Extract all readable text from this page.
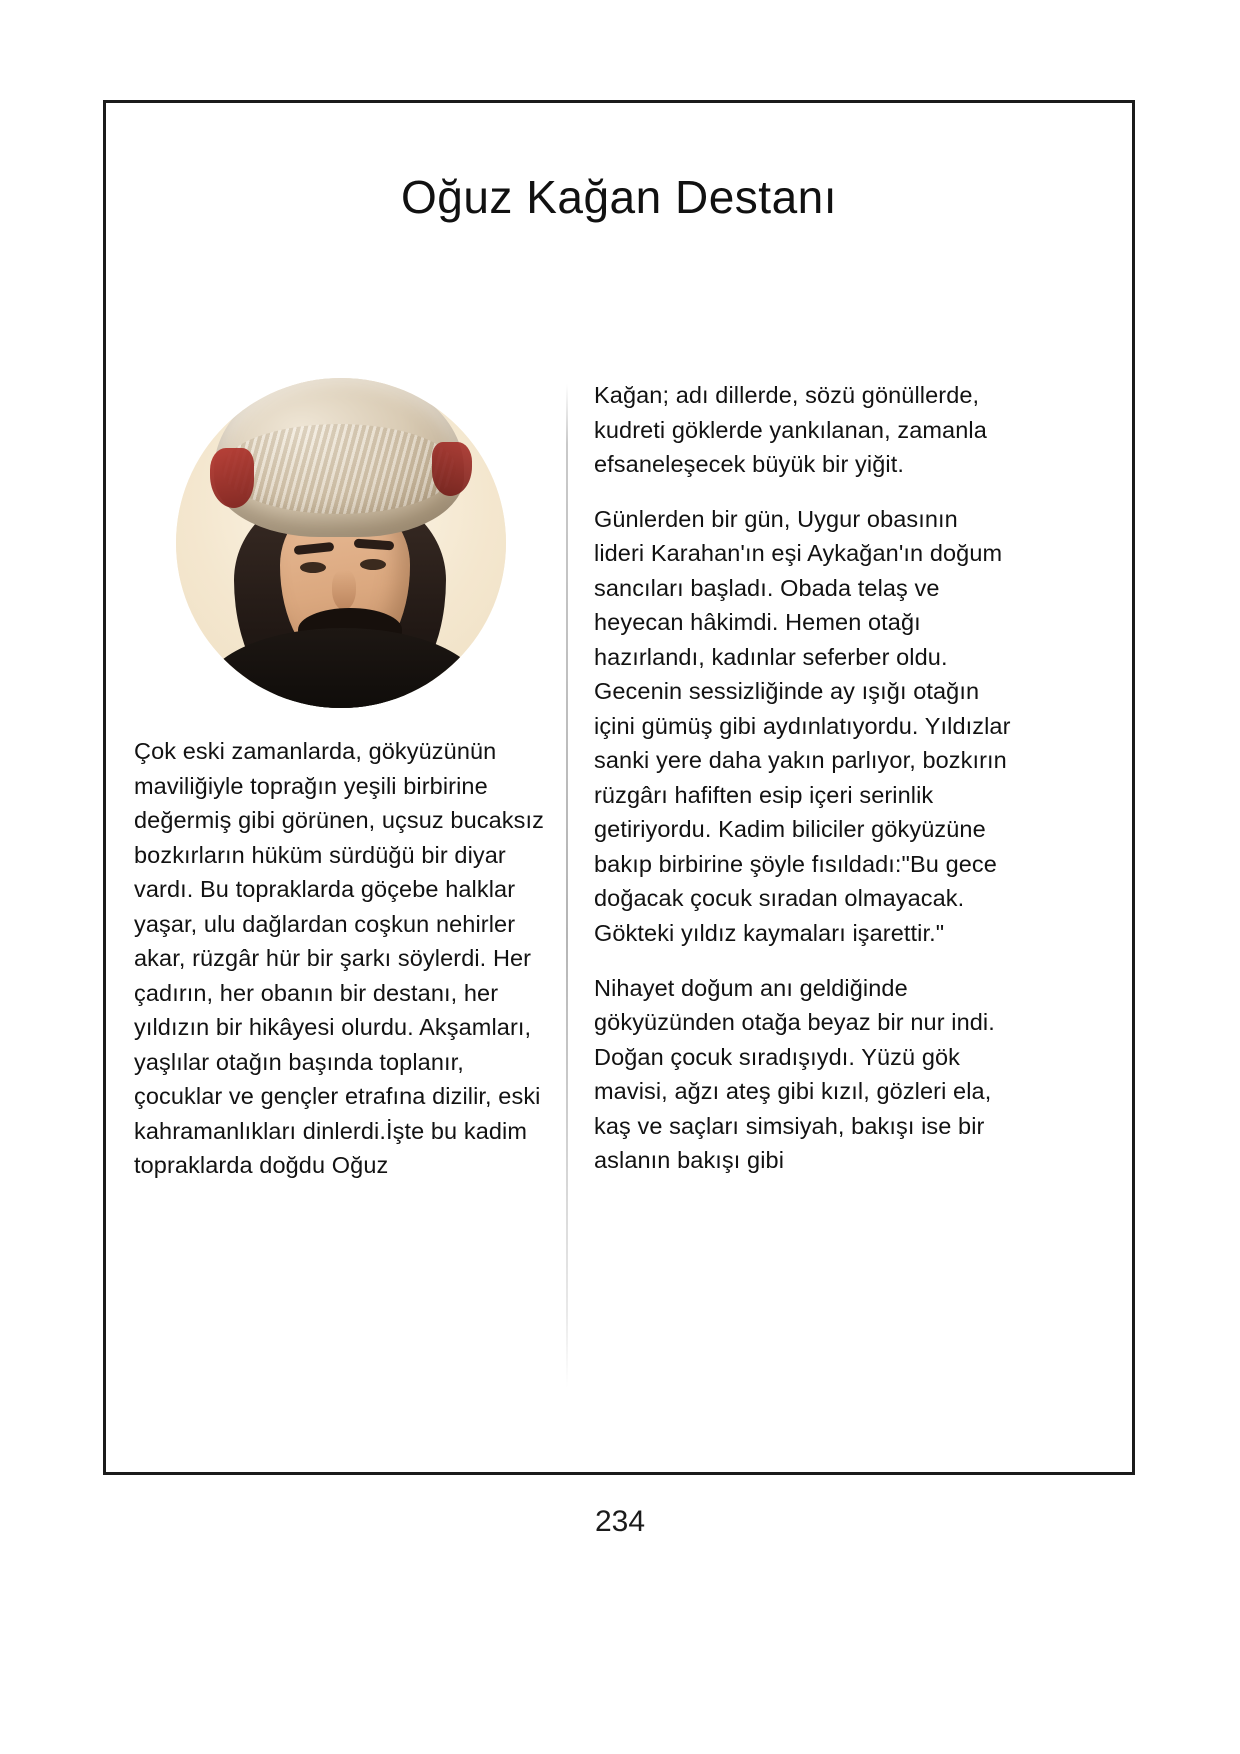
Oğuz Kağan Destanı

Çok eski zamanlarda, gökyüzünün maviliğiyle toprağın yeşili birbirine değermiş gibi görünen, uçsuz bucaksız bozkırların hüküm sürdüğü bir diyar vardı. Bu topraklarda göçebe halklar yaşar, ulu dağlardan coşkun nehirler akar, rüzgâr hür bir şarkı söylerdi. Her çadırın, her obanın bir destanı, her yıldızın bir hikâyesi olurdu. Akşamları, yaşlılar otağın başında toplanır, çocuklar ve gençler etrafına dizilir, eski kahramanlıkları dinlerdi.İşte bu kadim topraklarda doğdu Oğuz

Kağan; adı dillerde, sözü gönüllerde, kudreti göklerde yankılanan, zamanla efsaneleşecek büyük bir yiğit.

Günlerden bir gün, Uygur obasının lideri Karahan'ın eşi Aykağan'ın doğum sancıları başladı. Obada telaş ve heyecan hâkimdi. Hemen otağı hazırlandı, kadınlar seferber oldu. Gecenin sessizliğinde ay ışığı otağın içini gümüş gibi aydınlatıyordu. Yıldızlar sanki yere daha yakın parlıyor, bozkırın rüzgârı hafiften esip içeri serinlik getiriyordu. Kadim biliciler gökyüzüne bakıp birbirine şöyle fısıldadı:"Bu gece doğacak çocuk sıradan olmayacak. Gökteki yıldız kaymaları işarettir."

Nihayet doğum anı geldiğinde gökyüzünden otağa beyaz bir nur indi. Doğan çocuk sıradışıydı. Yüzü gök mavisi, ağzı ateş gibi kızıl, gözleri ela, kaş ve saçları simsiyah, bakışı ise bir aslanın bakışı gibi

234
